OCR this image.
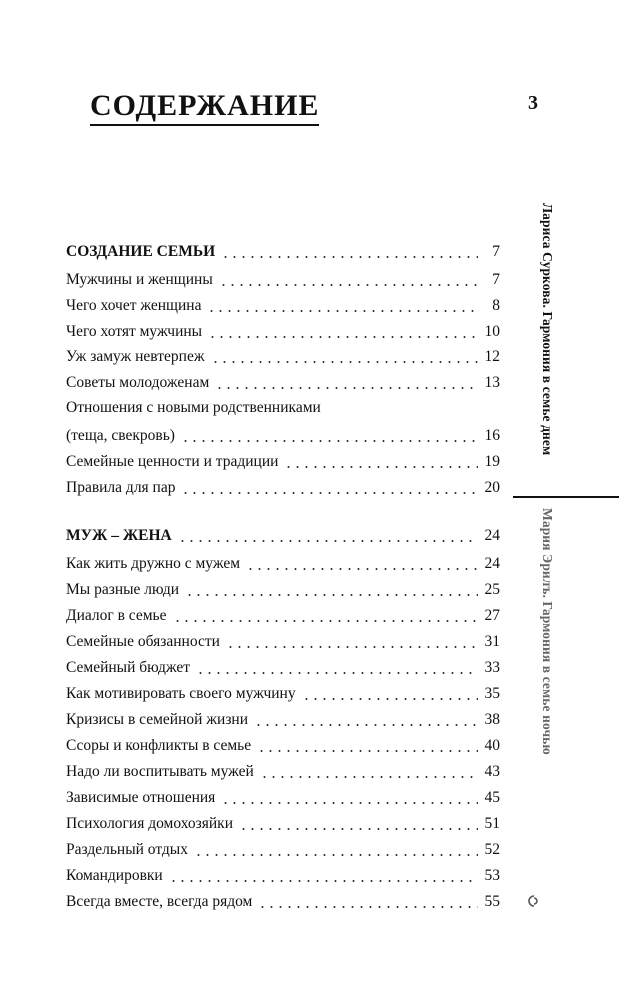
СОДЕРЖАНИЕ	3
СОЗДАНИЕ СЕМЬИ	7
Мужчины и женщины	7
Чего хочет женщина	8
Чего хотят мужчины	10
Уж замуж невтерпеж	12
Советы молодоженам	13
Отношения с новыми родственниками
(теща, свекровь)	16
Семейные ценности и традиции	19
Правила для пар	20
МУЖ – ЖЕНА	24
Как жить дружно с мужем	24
Мы разные люди	25
Диалог в семье	27
Семейные обязанности	31
Семейный бюджет	33
Как мотивировать своего мужчину	35
Кризисы в семейной жизни	38
Ссоры и конфликты в семье	40
Надо ли воспитывать мужей	43
Зависимые отношения	45
Психология домохозяйки	51
Раздельный отдых	52
Командировки	53
Всегда вместе, всегда рядом	55
Лариса Суркова. Гармония в семье днем
Мария Эрилъ. Гармония в семье ночью
